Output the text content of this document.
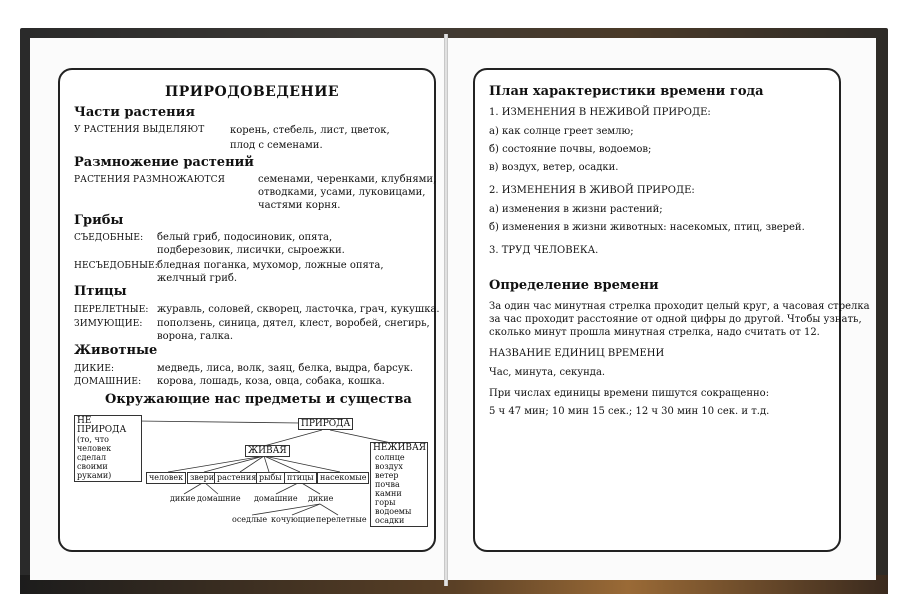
ПРИРОДОВЕДЕНИЕ
Части растения
У РАСТЕНИЯ ВЫДЕЛЯЮТ	корень, стебель, лист, цветок,
плод с семенами.
Размножение растений
РАСТЕНИЯ РАЗМНОЖАЮТСЯ	семенами, черенками, клубнями,
отводками, усами, луковицами,
частями корня.
Грибы
СЪЕДОБНЫЕ: белый гриб, подосиновик, опята,
подберезовик, лисички, сыроежки.
НЕСЪЕДОБНЫЕ: бледная поганка, мухомор, ложные опята,
желчный гриб.
Птицы
ПЕРЕЛЕТНЫЕ: журавль, соловей, скворец, ласточка, грач, кукушка.
ЗИМУЮЩИЕ: поползень, синица, дятел, клест, воробей, снегирь,
ворона, галка.
Животные
ДИКИЕ:	медведь, лиса, волк, заяц, белка, выдра, барсук.
ДОМАШНИЕ: корова, лошадь, коза, овца, собака, кошка.
Окружающие нас предметы и существа
ПРИРОДА
НЕ ПРИРОДА
(то, что человек
сделал своими
руками)
ЖИВАЯ	НЕЖИВАЯ
солнце
воздух
ветер
почва
камни
горы
водоемы
осадки
человек звери растения рыбы птицы насекомые
дикие домашние домашние дикие
оседлые кочующие перелетные
План характеристики времени года
1. ИЗМЕНЕНИЯ В НЕЖИВОЙ ПРИРОДЕ:
а) как солнце греет землю;
б) состояние почвы, водоемов;
в) воздух, ветер, осадки.
2. ИЗМЕНЕНИЯ В ЖИВОЙ ПРИРОДЕ:
а) изменения в жизни растений;
б) изменения в жизни животных: насекомых, птиц, зверей.
3. ТРУД ЧЕЛОВЕКА.
Определение времени
За один час минутная стрелка проходит целый круг, а часовая стрелка
за час проходит расстояние от одной цифры до другой. Чтобы узнать,
сколько минут прошла минутная стрелка, надо считать от 12.
НАЗВАНИЕ ЕДИНИЦ ВРЕМЕНИ
Час, минута, секунда.
При числах единицы времени пишутся сокращенно:
5 ч 47 мин; 10 мин 15 сек.; 12 ч 30 мин 10 сек. и т.д.
